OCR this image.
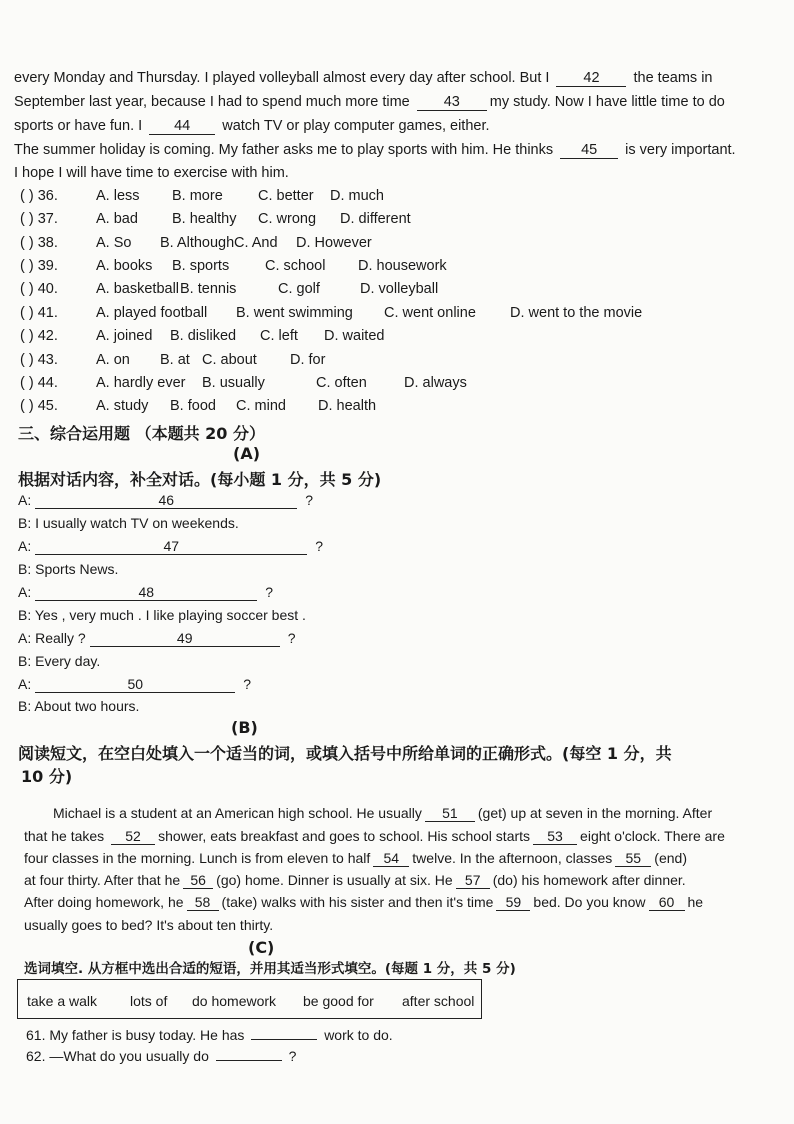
every Monday and Thursday. I played volleyball almost every day after school. But I 42 the teams in
September last year, because I had to spend much more time 43 my study. Now I have little time to do
sports or have fun. I 44 watch TV or play computer games, either.
The summer holiday is coming. My father asks me to play sports with him. He thinks 45 is very important.
I hope I will have time to exercise with him.
( ) 36.	A. less B. more C. better D. much
( ) 37.	A. bad B. healthy C. wrong D. different
( ) 38.	A. So B. Although C. And D. However
( ) 39.	A. books B. sports C. school D. housework
( ) 40.	A. basketball B. tennis	C. golf	D. volleyball
( ) 41.	A. played football B. went swimming C. went online D. went to the movie
( ) 42.	A. joined B. disliked C. left D. waited
( ) 43.	A. on B. at C. about D. for
( ) 44.	A. hardly ever B. usually	C. often	D. always
( ) 45.	A. study B. food C. mind D. health
三、综合运用题 （本题共 20 分）
(A)
根据对话内容，补全对话。(每小题 1 分，共 5 分)
A:	46	?
B: I usually watch TV on weekends.
A:	47	?
B: Sports News.
A:	48	?
B: Yes , very much . I like playing soccer best .
A: Really ?	49	?
B: Every day.
A:	50	?
B: About two hours.
(B)
阅读短文，在空白处填入一个适当的词，或填入括号中所给单词的正确形式。(每空 1 分，共
10 分)
Michael is a student at an American high school. He usually 51 (get) up at seven in the morning. After
that he takes 52 shower, eats breakfast and goes to school. His school starts 53 eight o'clock. There are
four classes in the morning. Lunch is from eleven to half 54 twelve. In the afternoon, classes 55 (end)
at four thirty. After that he 56 (go) home. Dinner is usually at six. He 57 (do) his homework after dinner.
After doing homework, he 58 (take) walks with his sister and then it's time 59 bed. Do you know 60 he
usually goes to bed? It's about ten thirty.
(C)
选词填空. 从方框中选出合适的短语，并用其适当形式填空。(每题 1 分，共 5 分)
take a walk lots of do homework be good for after school
61. My father is busy today. He has	work to do.
62. —What do you usually do	?
